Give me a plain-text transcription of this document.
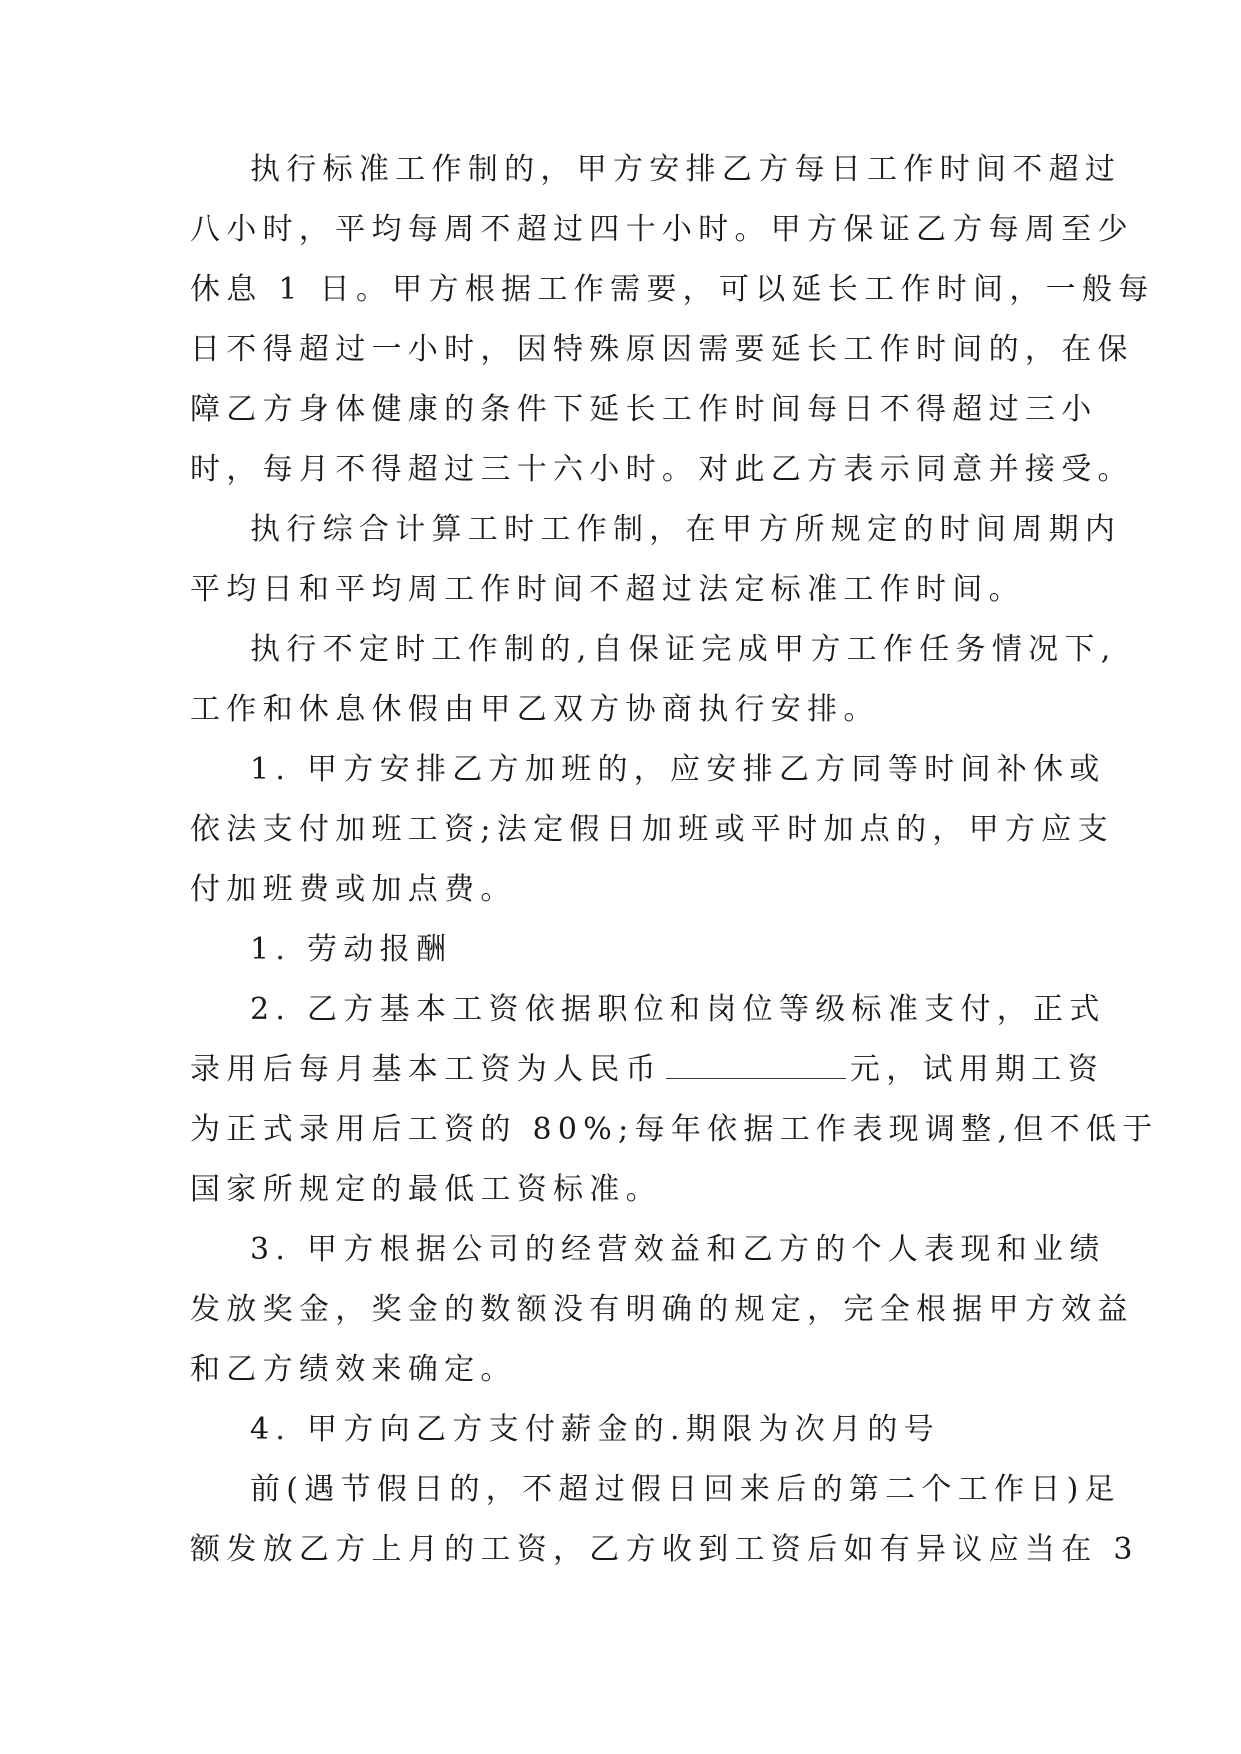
执行标准工作制的，甲方安排乙方每日工作时间不超过
八小时，平均每周不超过四十小时。甲方保证乙方每周至少
休息 1 日。甲方根据工作需要，可以延长工作时间，一般每
日不得超过一小时，因特殊原因需要延长工作时间的，在保
障乙方身体健康的条件下延长工作时间每日不得超过三小
时，每月不得超过三十六小时。对此乙方表示同意并接受。
执行综合计算工时工作制，在甲方所规定的时间周期内
平均日和平均周工作时间不超过法定标准工作时间。
执行不定时工作制的,自保证完成甲方工作任务情况下,
工作和休息休假由甲乙双方协商执行安排。
1. 甲方安排乙方加班的，应安排乙方同等时间补休或
依法支付加班工资;法定假日加班或平时加点的，甲方应支
付加班费或加点费。
1. 劳动报酬
2. 乙方基本工资依据职位和岗位等级标准支付，正式
录用后每月基本工资为人民币	元，试用期工资
为正式录用后工资的 80%;每年依据工作表现调整,但不低于
国家所规定的最低工资标准。
3. 甲方根据公司的经营效益和乙方的个人表现和业绩
发放奖金，奖金的数额没有明确的规定，完全根据甲方效益
和乙方绩效来确定。
4. 甲方向乙方支付薪金的.期限为次月的号
前(遇节假日的，不超过假日回来后的第二个工作日)足
额发放乙方上月的工资，乙方收到工资后如有异议应当在 3
